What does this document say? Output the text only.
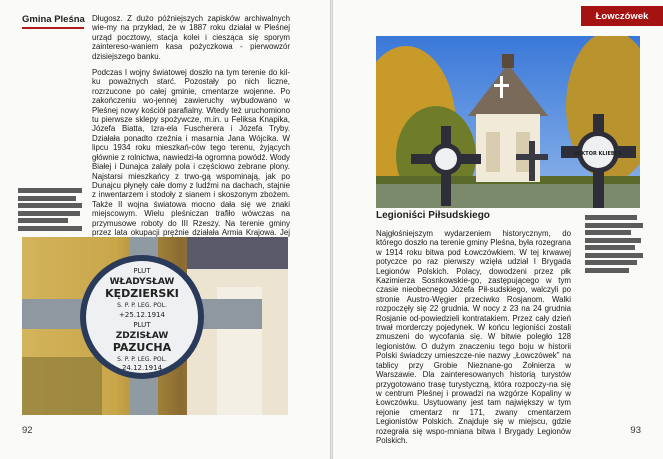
Gmina Pleśna Długosz. Z dużo późniejszych zapisków archiwalnych wie-my na przykład, że w 1887 roku działał w Pleśnej urząd pocztowy, stacja kolei i ciesząca się sporym zaintereso-waniem kasa pożyczkowa - pierwowzór dzisiejszego banku.

Podczas I wojny światowej doszło na tym terenie do kil-ku poważnych starć. Pozostały po nich liczne, rozrzucone po całej gminie, cmentarze wojenne. Po zakończeniu wo-jennej zawieruchy wybudowano w Pleśnej nowy kościół parafialny. Wtedy też uruchomiono tu pierwsze sklepy spożywcze, m.in. u Feliksa Knapika, Józefa Biatta, Izra-ela Fuscherera i Józefa Tryby. Działała ponadto rzeźnia i masarnia Jana Wójcika. W lipcu 1934 roku mieszkań-ców tego terenu, żyjących głównie z rolnictwa, nawiedzi-ła ogromna powódź. Wody Białej i Dunajca zalały pola i częściowo zebrane plony. Najstarsi mieszkańcy z trwo-gą wspominają, jak po Dunajcu płynęły całe domy z ludźmi na dachach, stajnie z inwentarzem i stodoły z sianem i skoszonym zbożem. Także II wojna światowa mocno dała się we znaki miejscowym. Wielu pleśniczan trafiło wówczas na przymusowe roboty do III Rzeszy. Na terenie gminy przez lata okupacji prężnie działała Armia Krajowa. Jej

PLUT
WŁADYSŁAW
KĘDZIERSKI
S. P. P. LEG. POL.
+25.12.1914
PLUT
ZDZISŁAW
PAZUCHA
S. P. P. LEG. POL.
24.12.1914
92
Łowczówek
WIKTOR KLIEBER
Legioniści Piłsudskiego

Najgłośniejszym wydarzeniem historycznym, do którego doszło na terenie gminy Pleśna, była rozegrana w 1914 roku bitwa pod Łowczówkiem. W tej krwawej potyczce po raz pierwszy wzięła udział I Brygada Legionów Polskich. Polacy, dowodzeni przez płk Kazimierza Sosnkowskie-go, zastępującego w tym czasie nieobecnego Józefa Pił-sudskiego, walczyli po stronie Austro-Węgier przeciwko Rosjanom. Walki rozpoczęły się 22 grudnia. W nocy z 23 na 24 grudnia Rosjanie od-powiedzieli kontratakiem. Przez cały dzień trwał morderczy pojedynek. W końcu legioniści zostali zmuszeni do wycofania się. W bitwie poległo 128 legionistów. O dużym znaczeniu tego boju w historii Polski świadczy umieszcze-nie nazwy „Łowczówek” na tablicy przy Grobie Nieznane-go Żołnierza w Warszawie. Dla zainteresowanych historią turystów przygotowano trasę turystyczną, która rozpoczy-na się w centrum Pleśnej i prowadzi na wzgórze Kopaliny w Łowczówku. Usytuowany jest tam największy w tym rejonie cmentarz nr 171, zwany cmentarzem Legionistów Polskich. Znajduje się w miejscu, gdzie rozegrała się wspo-mniana bitwa I Brygady Legionów Polskich.

93
